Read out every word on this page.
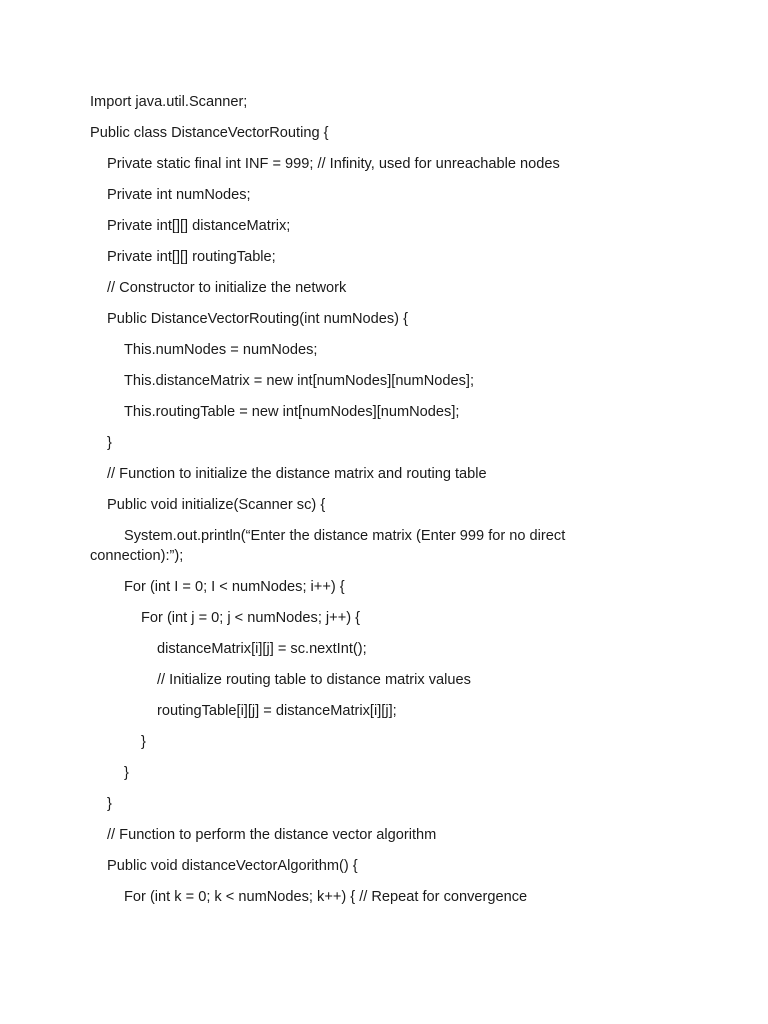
Import java.util.Scanner;

Public class DistanceVectorRouting {

Private static final int INF = 999; // Infinity, used for unreachable nodes

Private int numNodes;

Private int[][] distanceMatrix;

Private int[][] routingTable;

// Constructor to initialize the network

Public DistanceVectorRouting(int numNodes) {

This.numNodes = numNodes;

This.distanceMatrix = new int[numNodes][numNodes];

This.routingTable = new int[numNodes][numNodes];

}

// Function to initialize the distance matrix and routing table

Public void initialize(Scanner sc) {

System.out.println(“Enter the distance matrix (Enter 999 for no direct connection):”);

For (int I = 0; I < numNodes; i++) {

For (int j = 0; j < numNodes; j++) {

distanceMatrix[i][j] = sc.nextInt();

// Initialize routing table to distance matrix values

routingTable[i][j] = distanceMatrix[i][j];

}

}

}

// Function to perform the distance vector algorithm

Public void distanceVectorAlgorithm() {

For (int k = 0; k < numNodes; k++) { // Repeat for convergence
